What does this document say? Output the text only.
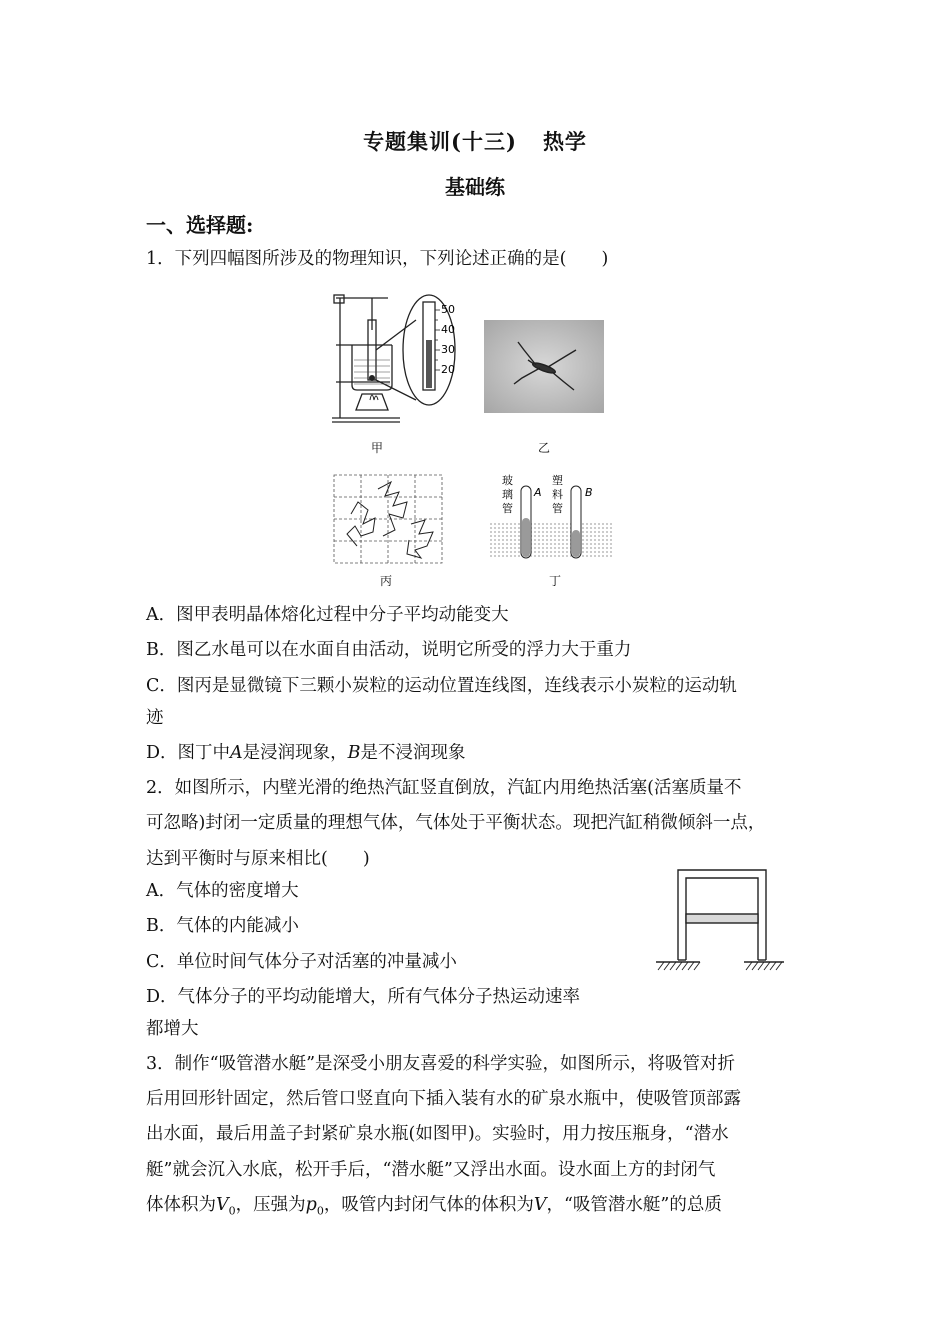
专题集训(十三) 热学
基础练
一、选择题:
1．下列四幅图所涉及的物理知识，下列论述正确的是(　　)
50
40
30
20
甲	乙
丙
玻
璃
管
A
塑
料
管
B
丁
A．图甲表明晶体熔化过程中分子平均动能变大
B．图乙水黾可以在水面自由活动，说明它所受的浮力大于重力
C．图丙是显微镜下三颗小炭粒的运动位置连线图，连线表示小炭粒的运动轨
迹
D．图丁中A是浸润现象，B是不浸润现象
2．如图所示，内壁光滑的绝热汽缸竖直倒放，汽缸内用绝热活塞(活塞质量不
可忽略)封闭一定质量的理想气体，气体处于平衡状态。现把汽缸稍微倾斜一点，
达到平衡时与原来相比(　　)
A．气体的密度增大
B．气体的内能减小
C．单位时间气体分子对活塞的冲量减小
D．气体分子的平均动能增大，所有气体分子热运动速率
都增大
3．制作“吸管潜水艇”是深受小朋友喜爱的科学实验，如图所示，将吸管对折
后用回形针固定，然后管口竖直向下插入装有水的矿泉水瓶中，使吸管顶部露
出水面，最后用盖子封紧矿泉水瓶(如图甲)。实验时，用力按压瓶身，“潜水
艇”就会沉入水底，松开手后，“潜水艇”又浮出水面。设水面上方的封闭气
体体积为$V_0$，压强为$p_0$，吸管内封闭气体的体积为V，“吸管潜水艇”的总质
